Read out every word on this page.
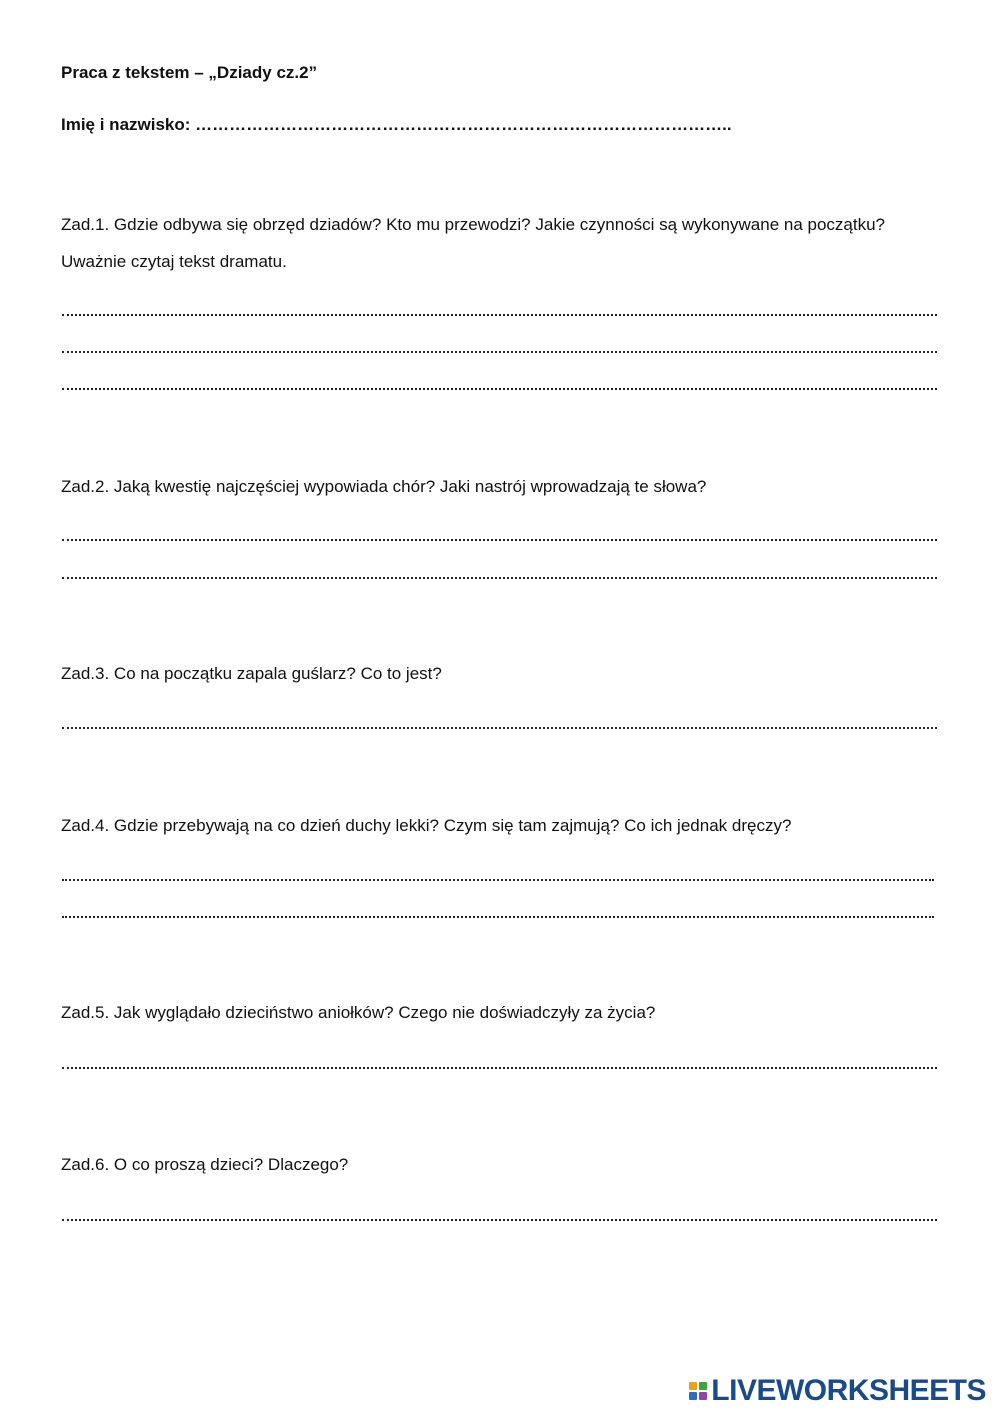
Praca z tekstem – „Dziady cz.2”
Imię i nazwisko: …………………………………………………………………………………..
Zad.1. Gdzie odbywa się obrzęd dziadów? Kto mu przewodzi? Jakie czynności są wykonywane na początku?
Uważnie czytaj tekst dramatu.
Zad.2. Jaką kwestię najczęściej wypowiada chór? Jaki nastrój wprowadzają te słowa?
Zad.3. Co na początku zapala guślarz? Co to jest?
Zad.4. Gdzie przebywają na co dzień duchy lekki? Czym się tam zajmują? Co ich jednak dręczy?
Zad.5. Jak wyglądało dzieciństwo aniołków? Czego nie doświadczyły za życia?
Zad.6. O co proszą dzieci? Dlaczego?
LIVEWORKSHEETS
